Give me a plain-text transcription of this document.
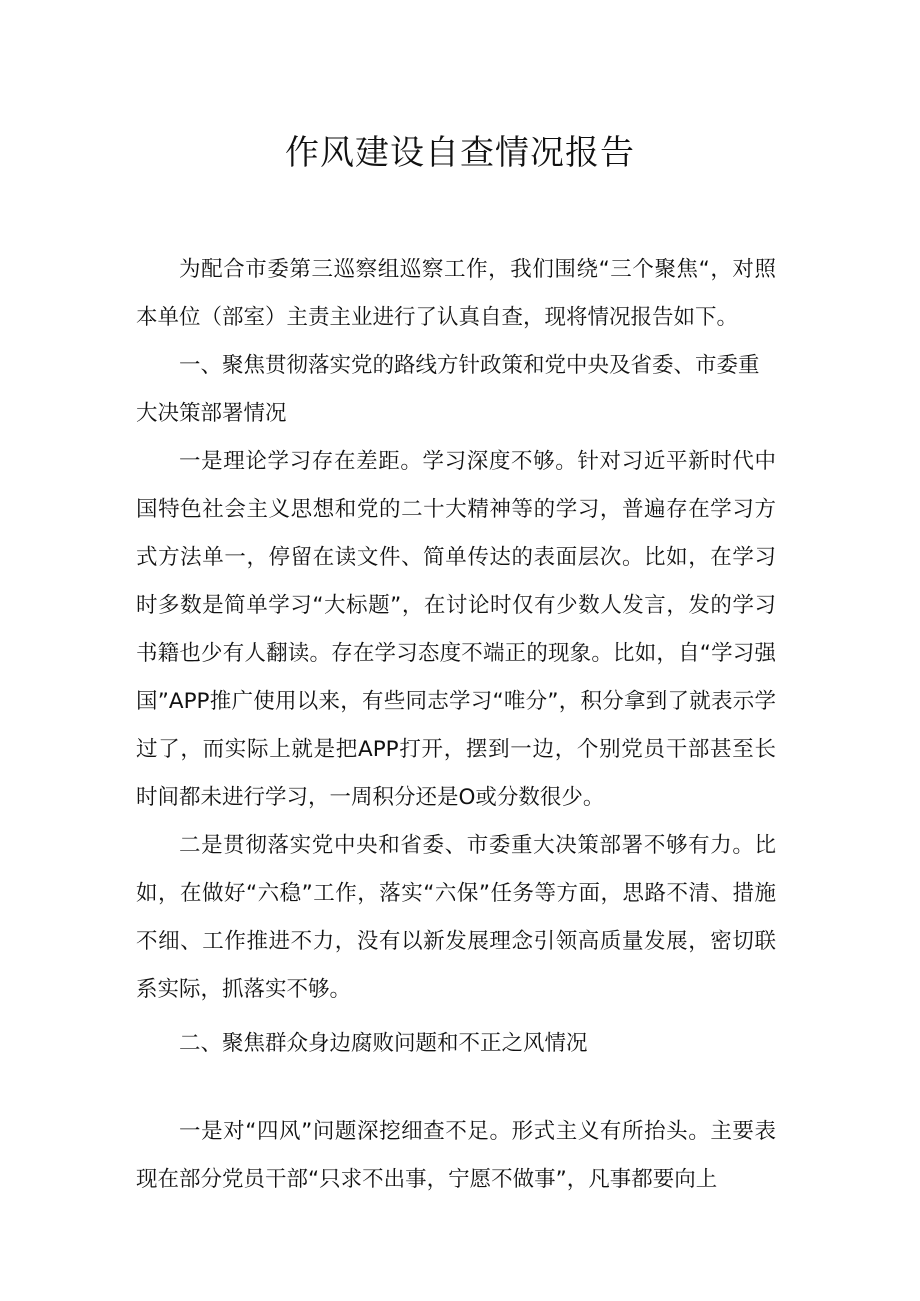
作风建设自查情况报告

为配合市委第三巡察组巡察工作，我们围绕“三个聚焦“，对照本单位（部室）主责主业进行了认真自查，现将情况报告如下。

一、聚焦贯彻落实党的路线方针政策和党中央及省委、市委重大决策部署情况

一是理论学习存在差距。学习深度不够。针对习近平新时代中国特色社会主义思想和党的二十大精神等的学习，普遍存在学习方式方法单一，停留在读文件、简单传达的表面层次。比如，在学习时多数是简单学习“大标题”，在讨论时仅有少数人发言，发的学习书籍也少有人翻读。存在学习态度不端正的现象。比如，自“学习强国”APP推广使用以来，有些同志学习“唯分”，积分拿到了就表示学过了，而实际上就是把APP打开，摆到一边，个别党员干部甚至长时间都未进行学习，一周积分还是O或分数很少。

二是贯彻落实党中央和省委、市委重大决策部署不够有力。比如，在做好“六稳”工作，落实“六保”任务等方面，思路不清、措施不细、工作推进不力，没有以新发展理念引领高质量发展，密切联系实际，抓落实不够。

二、聚焦群众身边腐败问题和不正之风情况

一是对“四风”问题深挖细查不足。形式主义有所抬头。主要表现在部分党员干部“只求不出事，宁愿不做事”，凡事都要向上
